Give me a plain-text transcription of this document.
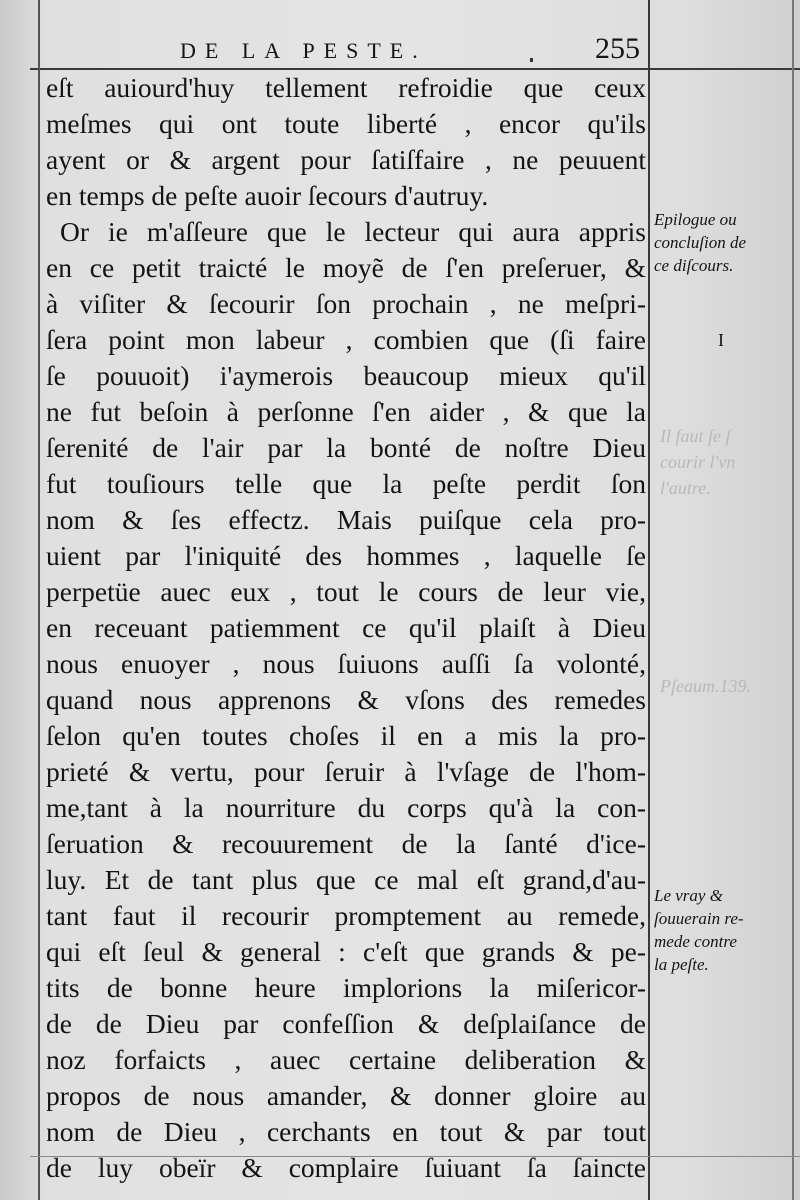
DE LA PESTE.	255
eſt auiourd'huy tellement refroidie que ceux
meſmes qui ont toute liberté , encor qu'ils
ayent or & argent pour ſatiſfaire , ne peuuent
en temps de peſte auoir ſecours d'autruy.
Or ie m'aſſeure que le lecteur qui aura appris
en ce petit traicté le moyẽ de ſ'en preſeruer, &
à viſiter & ſecourir ſon prochain , ne meſpri-
ſera point mon labeur , combien que (ſi faire
ſe pouuoit) i'aymerois beaucoup mieux qu'il
ne fut beſoin à perſonne ſ'en aider , & que la
ſerenité de l'air par la bonté de noſtre Dieu
fut touſiours telle que la peſte perdit ſon
nom & ſes effectz. Mais puiſque cela pro-
uient par l'iniquité des hommes , laquelle ſe
perpetüe auec eux , tout le cours de leur vie,
en receuant patiemment ce qu'il plaiſt à Dieu
nous enuoyer , nous ſuiuons auſſi ſa volonté,
quand nous apprenons & vſons des remedes
ſelon qu'en toutes choſes il en a mis la pro-
prieté & vertu, pour ſeruir à l'vſage de l'hom-
me,tant à la nourriture du corps qu'à la con-
ſeruation & recouurement de la ſanté d'ice-
luy. Et de tant plus que ce mal eſt grand,d'au-
tant faut il recourir promptement au remede,
qui eſt ſeul & general : c'eſt que grands & pe-
tits de bonne heure implorions la miſericor-
de de Dieu par confeſſion & deſplaiſance de
noz forfaicts , auec certaine deliberation &
propos de nous amander, & donner gloire au
nom de Dieu , cerchants en tout & par tout
de luy obeïr & complaire ſuiuant ſa ſaincte
Epilogue ou
concluſion de
ce diſcours.
I
Il faut ſe ſ
courir l'vn
l'autre.
Pſeaum.139.
Le vray &
ſouuerain re-
mede contre
la peſte.
